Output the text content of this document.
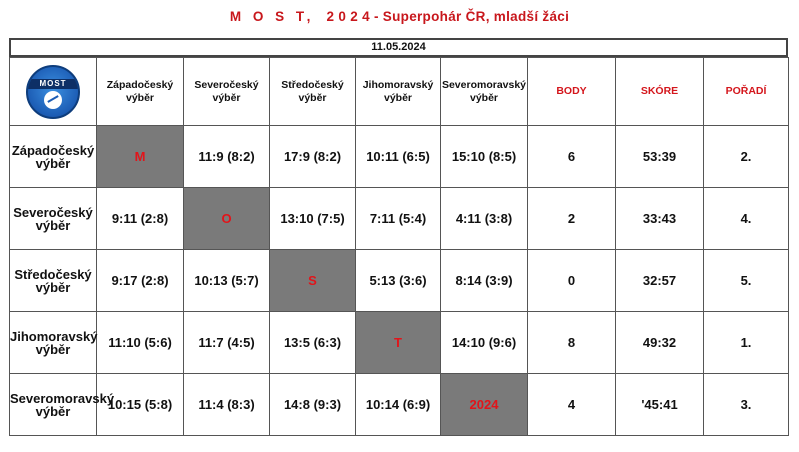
M O S T, 2 0 2 4 - Superpohár ČR, mladší žáci
11.05.2024
MOST	Západočeský výběr	Severočeský výběr	Středočeský výběr	Jihomoravský výběr	Severomoravský výběr	BODY	SKÓRE	POŘADÍ
Západočeský výběr	M	11:9 (8:2)	17:9 (8:2)	10:11 (6:5)	15:10 (8:5)	6	53:39	2.
Severočeský výběr	9:11 (2:8)	O	13:10 (7:5)	7:11 (5:4)	4:11 (3:8)	2	33:43	4.
Středočeský výběr	9:17 (2:8)	10:13 (5:7)	S	5:13 (3:6)	8:14 (3:9)	0	32:57	5.
Jihomoravský výběr	11:10 (5:6)	11:7 (4:5)	13:5 (6:3)	T	14:10 (9:6)	8	49:32	1.
Severomoravský výběr	10:15 (5:8)	11:4 (8:3)	14:8 (9:3)	10:14 (6:9)	2024	4	'45:41	3.
